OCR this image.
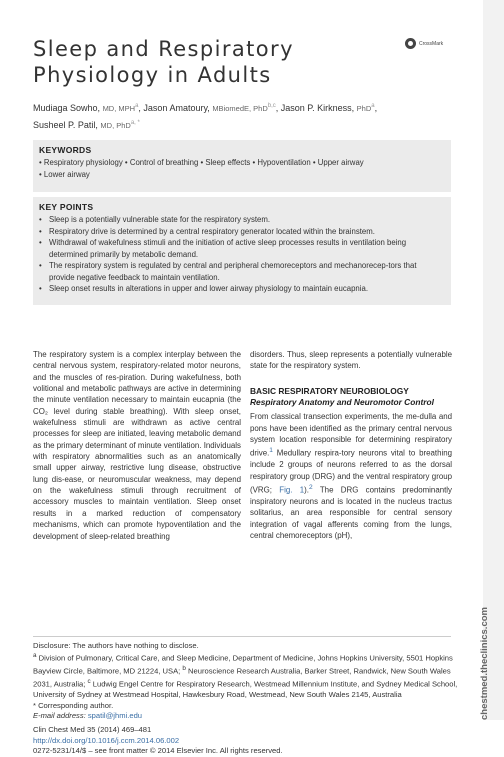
Sleep and Respiratory
Physiology in Adults
CrossMark
Mudiaga Sowho, MD, MPH$^a$, Jason Amatoury, MBiomedE, PhD$^{b,c}$, Jason P. Kirkness, PhD$^a$,
Susheel P. Patil, MD, PhD$^{a, *}$
KEYWORDS
• Respiratory physiology • Control of breathing • Sleep effects • Hypoventilation • Upper airway
• Lower airway
KEY POINTS
• Sleep is a potentially vulnerable state for the respiratory system.
• Respiratory drive is determined by a central respiratory generator located within the brainstem.
• Withdrawal of wakefulness stimuli and the initiation of active sleep processes results in ventilation being determined primarily by metabolic demand.
• The respiratory system is regulated by central and peripheral chemoreceptors and mechanorecep-tors that provide negative feedback to maintain ventilation.
• Sleep onset results in alterations in upper and lower airway physiology to maintain eucapnia.

The respiratory system is a complex interplay between the central nervous system, respiratory-related motor neurons, and the muscles of res-piration. During wakefulness, both volitional and metabolic pathways are active in determining the minute ventilation necessary to maintain eucapnia (the CO₂ level during stable breathing). With sleep onset, wakefulness stimuli are withdrawn as active central processes for sleep are initiated, leaving metabolic demand as the primary determinant of minute ventilation. Individuals with respiratory abnormalities such as an anatomically small upper airway, restrictive lung disease, obstructive lung dis-ease, or neuromuscular weakness, may depend on the wakefulness stimuli through recruitment of accessory muscles to maintain ventilation. Sleep onset results in a marked reduction of compensatory mechanisms, which can promote hypoventilation and the development of sleep-related breathing

disorders. Thus, sleep represents a potentially vulnerable state for the respiratory system.

BASIC RESPIRATORY NEUROBIOLOGY
Respiratory Anatomy and Neuromotor Control

From classical transection experiments, the me-dulla and pons have been identified as the primary central nervous system location responsible for determining respiratory drive.$^1$ Medullary respira-tory neurons vital to breathing include 2 groups of neurons referred to as the dorsal respiratory group (DRG) and the ventral respiratory group (VRG; Fig. 1).$^2$ The DRG contains predominantly inspiratory neurons and is located in the nucleus tractus solitarius, an area responsible for central sensory integration of vagal afferents coming from the lungs, central chemoreceptors (pH),

Disclosure: The authors have nothing to disclose.

$^a$ Division of Pulmonary, Critical Care, and Sleep Medicine, Department of Medicine, Johns Hopkins University, 5501 Hopkins Bayview Circle, Baltimore, MD 21224, USA; $^b$ Neuroscience Research Australia, Barker Street, Randwick, New South Wales 2031, Australia; $^c$ Ludwig Engel Centre for Respiratory Research, Westmead Millennium Institute, and Sydney Medical School, University of Sydney at Westmead Hospital, Hawkesbury Road, Westmead, New South Wales 2145, Australia

* Corresponding author.

E-mail address: spatil@jhmi.edu

Clin Chest Med 35 (2014) 469–481

http://dx.doi.org/10.1016/j.ccm.2014.06.002

0272-5231/14/$ – see front matter © 2014 Elsevier Inc. All rights reserved.

chestmed.theclinics.com
